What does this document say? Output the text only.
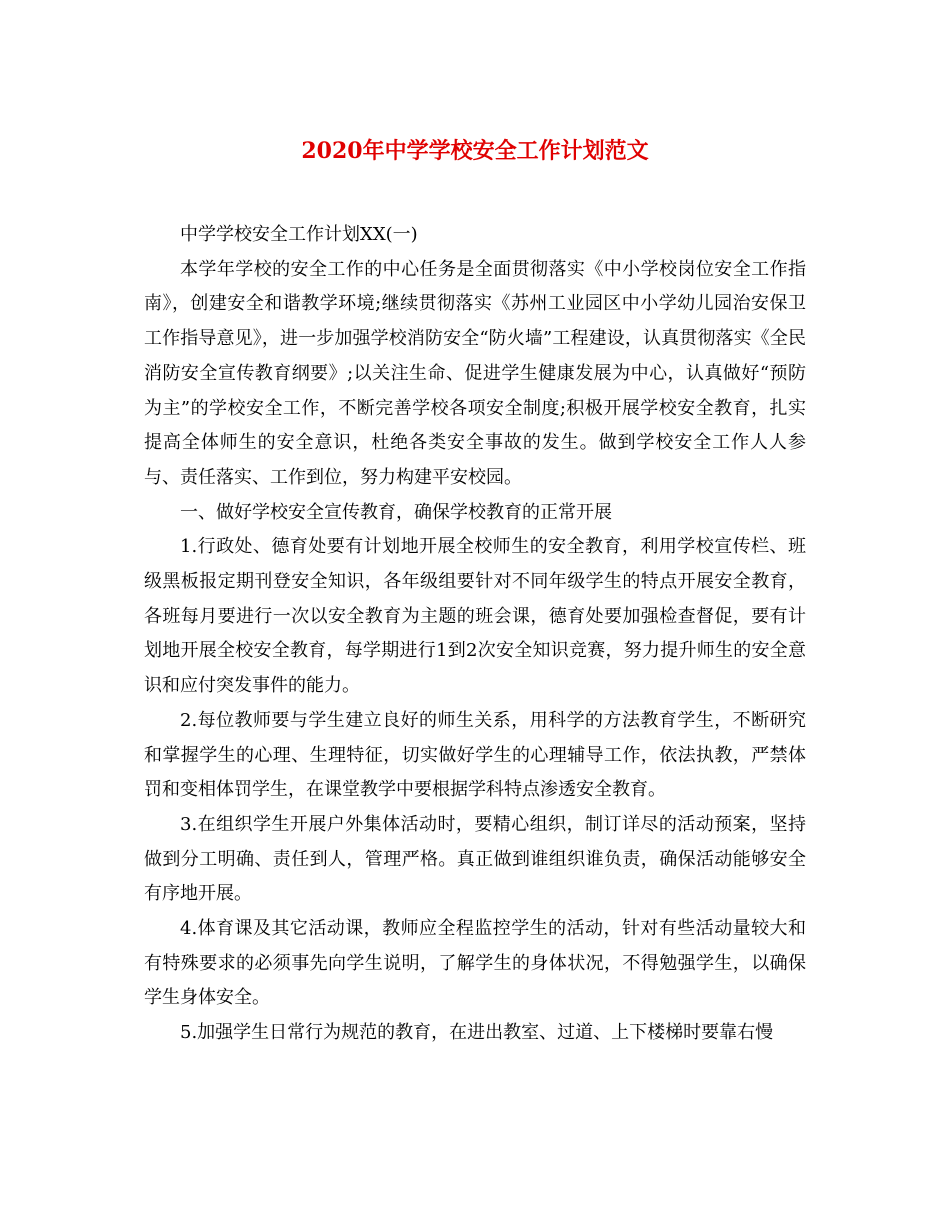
2020年中学学校安全工作计划范文

中学学校安全工作计划XX(一)

本学年学校的安全工作的中心任务是全面贯彻落实《中小学校岗位安全工作指南》，创建安全和谐教学环境;继续贯彻落实《苏州工业园区中小学幼儿园治安保卫工作指导意见》，进一步加强学校消防安全“防火墙”工程建设，认真贯彻落实《全民消防安全宣传教育纲要》;以关注生命、促进学生健康发展为中心，认真做好“预防为主”的学校安全工作，不断完善学校各项安全制度;积极开展学校安全教育，扎实提高全体师生的安全意识，杜绝各类安全事故的发生。做到学校安全工作人人参与、责任落实、工作到位，努力构建平安校园。

一、做好学校安全宣传教育，确保学校教育的正常开展

1.行政处、德育处要有计划地开展全校师生的安全教育，利用学校宣传栏、班级黑板报定期刊登安全知识，各年级组要针对不同年级学生的特点开展安全教育，各班每月要进行一次以安全教育为主题的班会课，德育处要加强检查督促，要有计划地开展全校安全教育，每学期进行1到2次安全知识竞赛，努力提升师生的安全意识和应付突发事件的能力。

2.每位教师要与学生建立良好的师生关系，用科学的方法教育学生，不断研究和掌握学生的心理、生理特征，切实做好学生的心理辅导工作，依法执教，严禁体罚和变相体罚学生，在课堂教学中要根据学科特点渗透安全教育。

3.在组织学生开展户外集体活动时，要精心组织，制订详尽的活动预案，坚持做到分工明确、责任到人，管理严格。真正做到谁组织谁负责，确保活动能够安全有序地开展。

4.体育课及其它活动课，教师应全程监控学生的活动，针对有些活动量较大和有特殊要求的必须事先向学生说明，了解学生的身体状况，不得勉强学生，以确保学生身体安全。

5.加强学生日常行为规范的教育，在进出教室、过道、上下楼梯时要靠右慢
